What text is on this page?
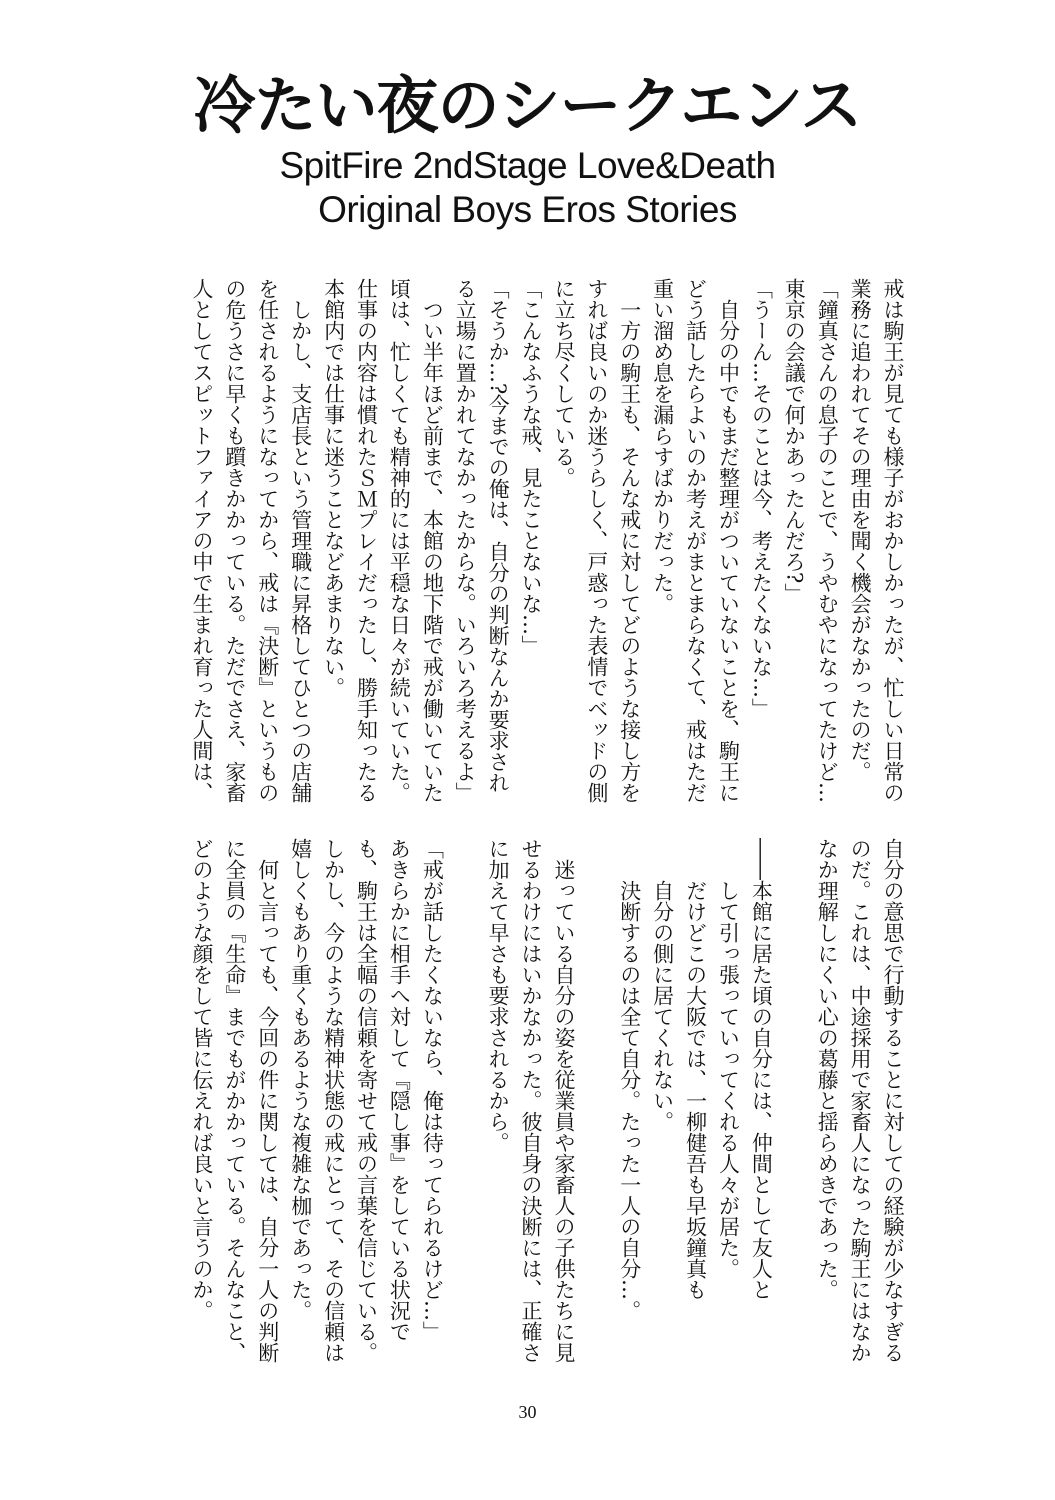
冷たい夜のシークエンス
SpitFire 2ndStage Love&Death
Original Boys Eros Stories
戒は駒王が見ても様子がおかしかったが、忙しい日常の
業務に追われてその理由を聞く機会がなかったのだ。
「鐘真さんの息子のことで、うやむやになってたけど…
東京の会議で何かあったんだろ?」
「うーん…そのことは今、考えたくないな…」
　自分の中でもまだ整理がついていないことを、駒王に
どう話したらよいのか考えがまとまらなくて、戒はただ
重い溜め息を漏らすばかりだった。
　一方の駒王も、そんな戒に対してどのような接し方を
すれば良いのか迷うらしく、戸惑った表情でベッドの側
に立ち尽くしている。
「こんなふうな戒、見たことないな…」
「そうか…?今までの俺は、自分の判断なんか要求され
る立場に置かれてなかったからな。いろいろ考えるよ」
　つい半年ほど前まで、本館の地下階で戒が働いていた
頃は、忙しくても精神的には平穏な日々が続いていた。
仕事の内容は慣れたＳＭプレイだったし、勝手知ったる
本館内では仕事に迷うことなどあまりない。
　しかし、支店長という管理職に昇格してひとつの店舗
を任されるようになってから、戒は『決断』というもの
の危うさに早くも躓きかかっている。ただでさえ、家畜
人としてスピットファイアの中で生まれ育った人間は、
自分の意思で行動することに対しての経験が少なすぎる
のだ。これは、中途採用で家畜人になった駒王にはなか
なか理解しにくい心の葛藤と揺らめきであった。

――本館に居た頃の自分には、仲間として友人と
　　して引っ張っていってくれる人々が居た。
　　だけどこの大阪では、一柳健吾も早坂鐘真も
　　自分の側に居てくれない。
　　決断するのは全て自分。たった一人の自分…。

　迷っている自分の姿を従業員や家畜人の子供たちに見
せるわけにはいかなかった。彼自身の決断には、正確さ
に加えて早さも要求されるから。

「戒が話したくないなら、俺は待ってられるけど…」
あきらかに相手へ対して『隠し事』をしている状況で
も、駒王は全幅の信頼を寄せて戒の言葉を信じている。
しかし、今のような精神状態の戒にとって、その信頼は
嬉しくもあり重くもあるような複雑な枷であった。
　何と言っても、今回の件に関しては、自分一人の判断
に全員の『生命』までもがかかっている。そんなこと、
どのような顔をして皆に伝えれば良いと言うのか。
30
